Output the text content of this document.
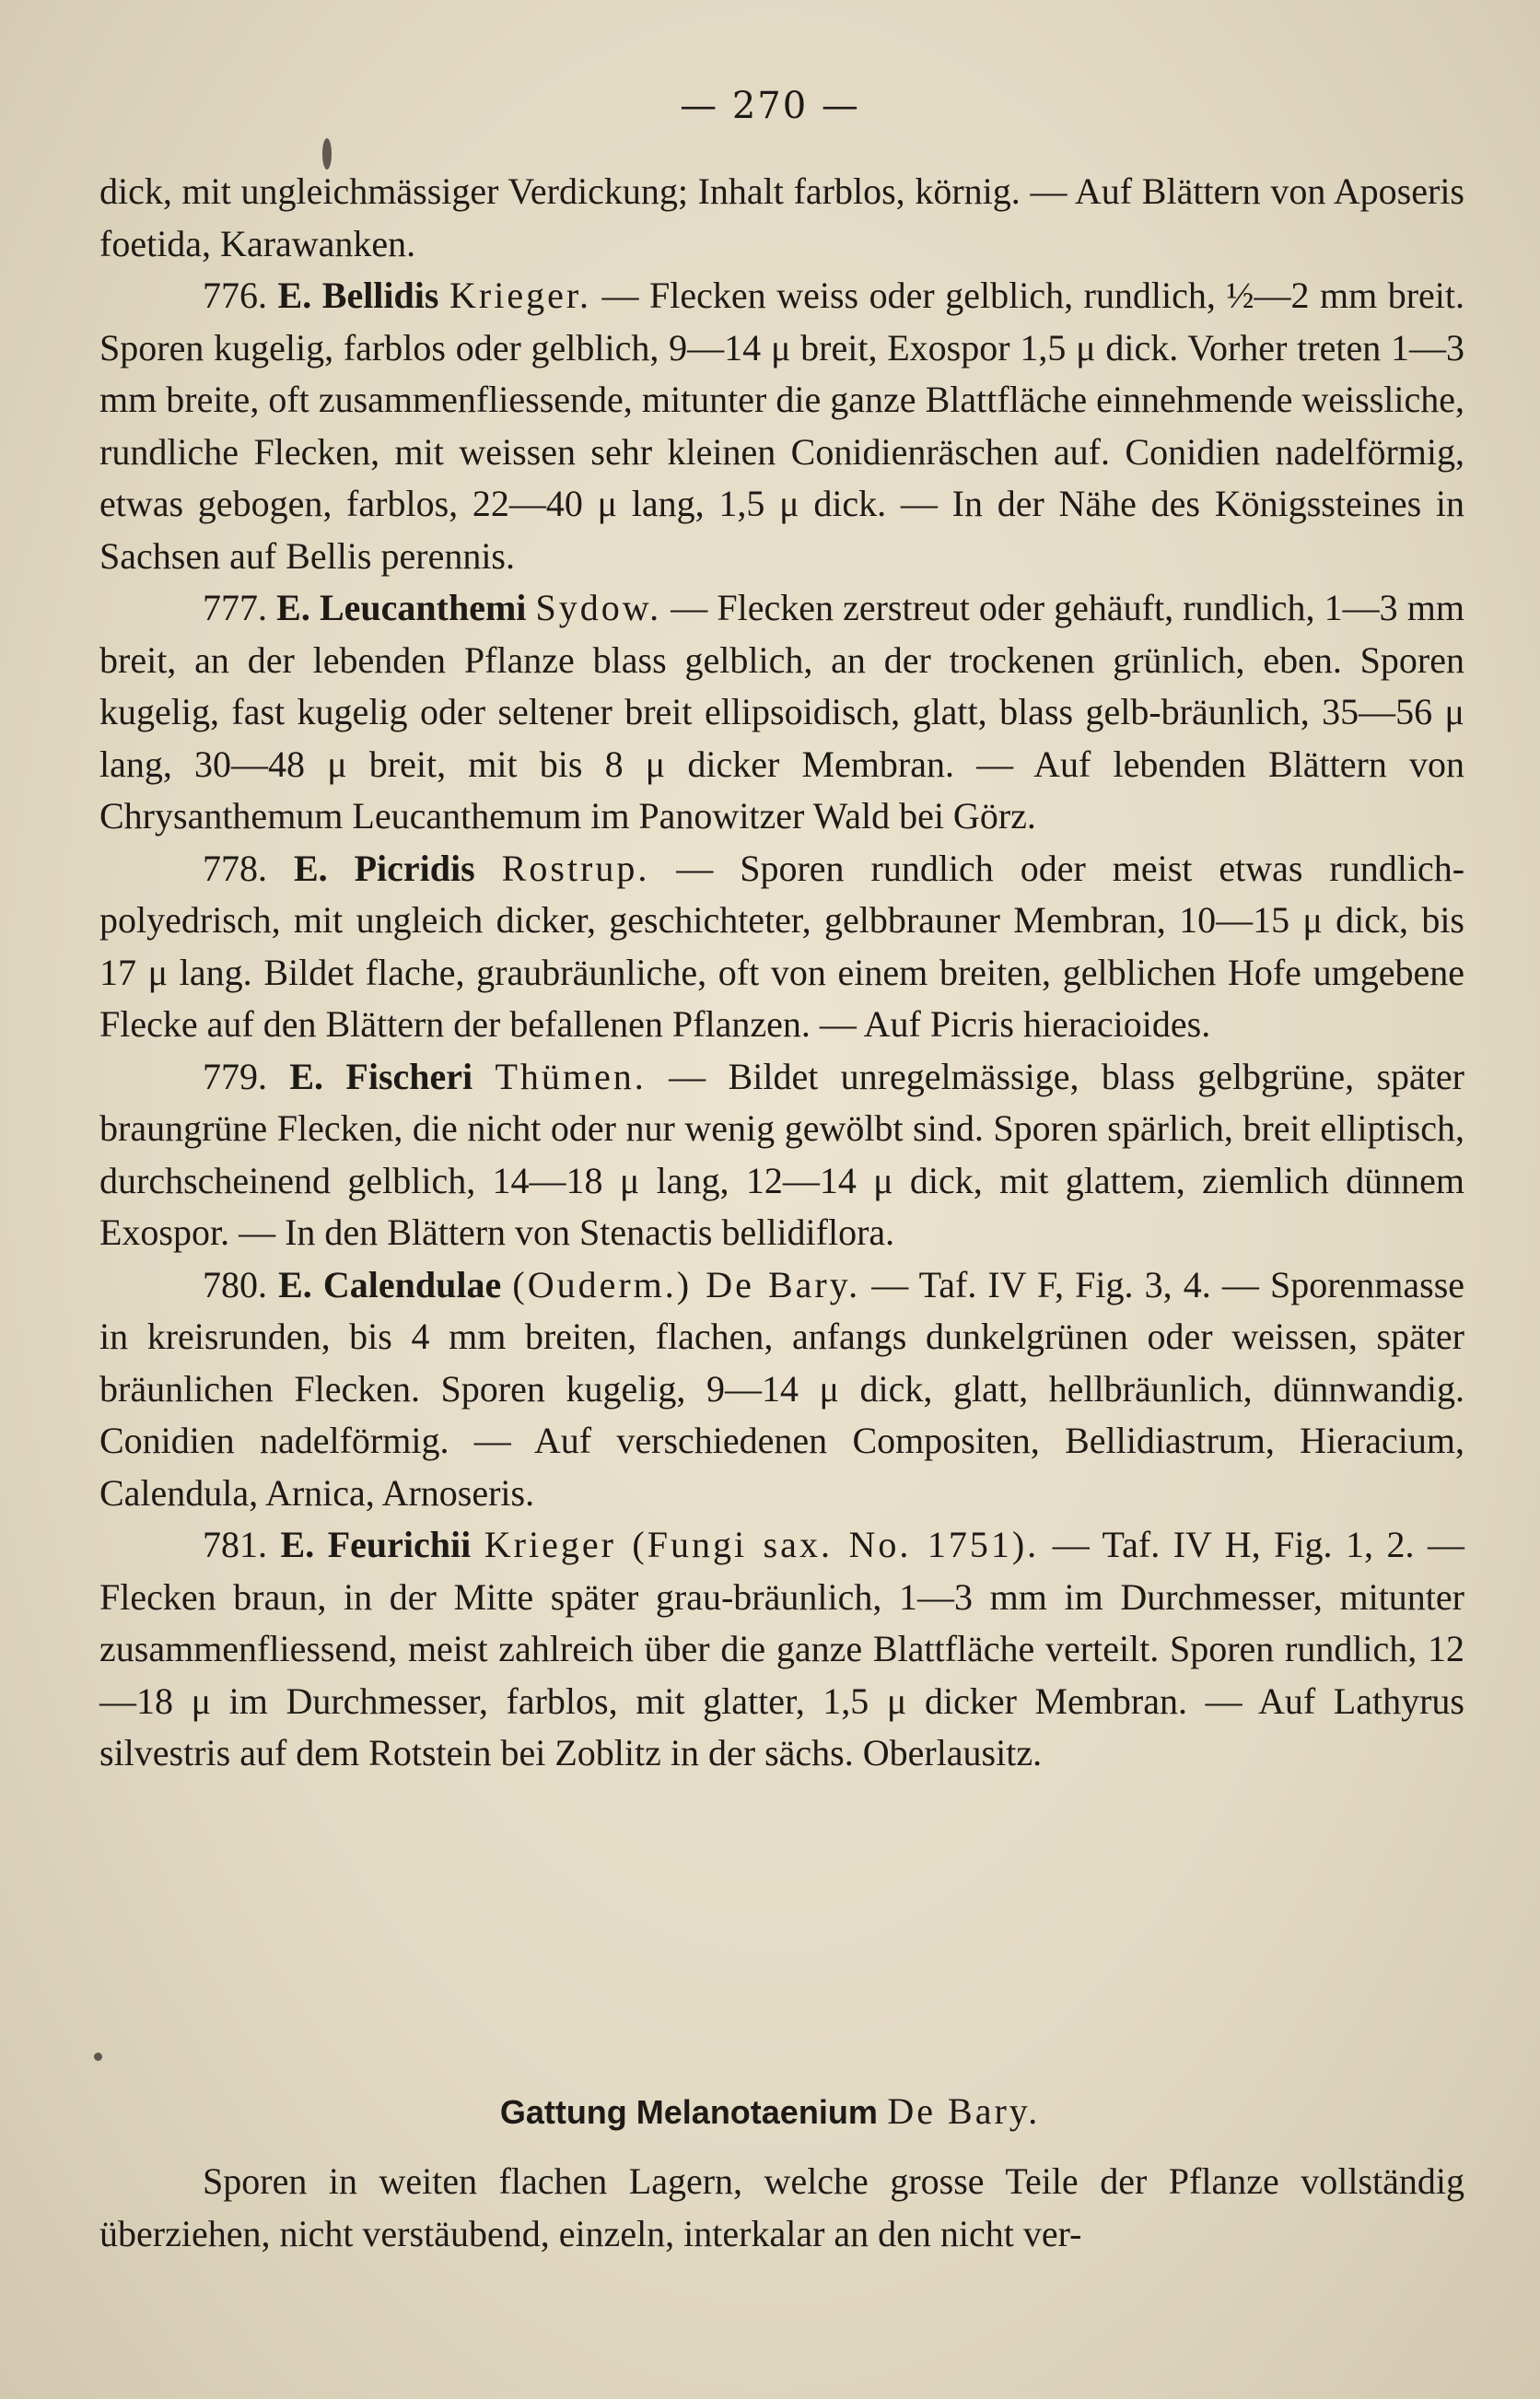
— 270 —

dick, mit ungleichmässiger Verdickung; Inhalt farblos, körnig. — Auf Blättern von Aposeris foetida, Karawanken.

776. E. Bellidis Krieger. — Flecken weiss oder gelblich, rundlich, ½—2 mm breit. Sporen kugelig, farblos oder gelblich, 9—14 μ breit, Exospor 1,5 μ dick. Vorher treten 1—3 mm breite, oft zusammenfliessende, mitunter die ganze Blattfläche einnehmende weissliche, rundliche Flecken, mit weissen sehr kleinen Conidienräschen auf. Conidien nadelförmig, etwas gebogen, farblos, 22—40 μ lang, 1,5 μ dick. — In der Nähe des Königssteines in Sachsen auf Bellis perennis.

777. E. Leucanthemi Sydow. — Flecken zerstreut oder gehäuft, rundlich, 1—3 mm breit, an der lebenden Pflanze blass gelblich, an der trockenen grünlich, eben. Sporen kugelig, fast kugelig oder seltener breit ellipsoidisch, glatt, blass gelb-bräunlich, 35—56 μ lang, 30—48 μ breit, mit bis 8 μ dicker Membran. — Auf lebenden Blättern von Chrysanthemum Leucanthemum im Panowitzer Wald bei Görz.

778. E. Picridis Rostrup. — Sporen rundlich oder meist etwas rundlich-polyedrisch, mit ungleich dicker, geschichteter, gelbbrauner Membran, 10—15 μ dick, bis 17 μ lang. Bildet flache, graubräunliche, oft von einem breiten, gelblichen Hofe umgebene Flecke auf den Blättern der befallenen Pflanzen. — Auf Picris hieracioides.

779. E. Fischeri Thümen. — Bildet unregelmässige, blass gelbgrüne, später braungrüne Flecken, die nicht oder nur wenig gewölbt sind. Sporen spärlich, breit elliptisch, durchscheinend gelblich, 14—18 μ lang, 12—14 μ dick, mit glattem, ziemlich dünnem Exospor. — In den Blättern von Stenactis bellidiflora.

780. E. Calendulae (Ouderm.) De Bary. — Taf. IV F, Fig. 3, 4. — Sporenmasse in kreisrunden, bis 4 mm breiten, flachen, anfangs dunkelgrünen oder weissen, später bräunlichen Flecken. Sporen kugelig, 9—14 μ dick, glatt, hellbräunlich, dünnwandig. Conidien nadelförmig. — Auf verschiedenen Compositen, Bellidiastrum, Hieracium, Calendula, Arnica, Arnoseris.

781. E. Feurichii Krieger (Fungi sax. No. 1751). — Taf. IV H, Fig. 1, 2. — Flecken braun, in der Mitte später grau-bräunlich, 1—3 mm im Durchmesser, mitunter zusammenfliessend, meist zahlreich über die ganze Blattfläche verteilt. Sporen rundlich, 12—18 μ im Durchmesser, farblos, mit glatter, 1,5 μ dicker Membran. — Auf Lathyrus silvestris auf dem Rotstein bei Zoblitz in der sächs. Oberlausitz.

Gattung Melanotaenium De Bary.

Sporen in weiten flachen Lagern, welche grosse Teile der Pflanze vollständig überziehen, nicht verstäubend, einzeln, interkalar an den nicht ver-
